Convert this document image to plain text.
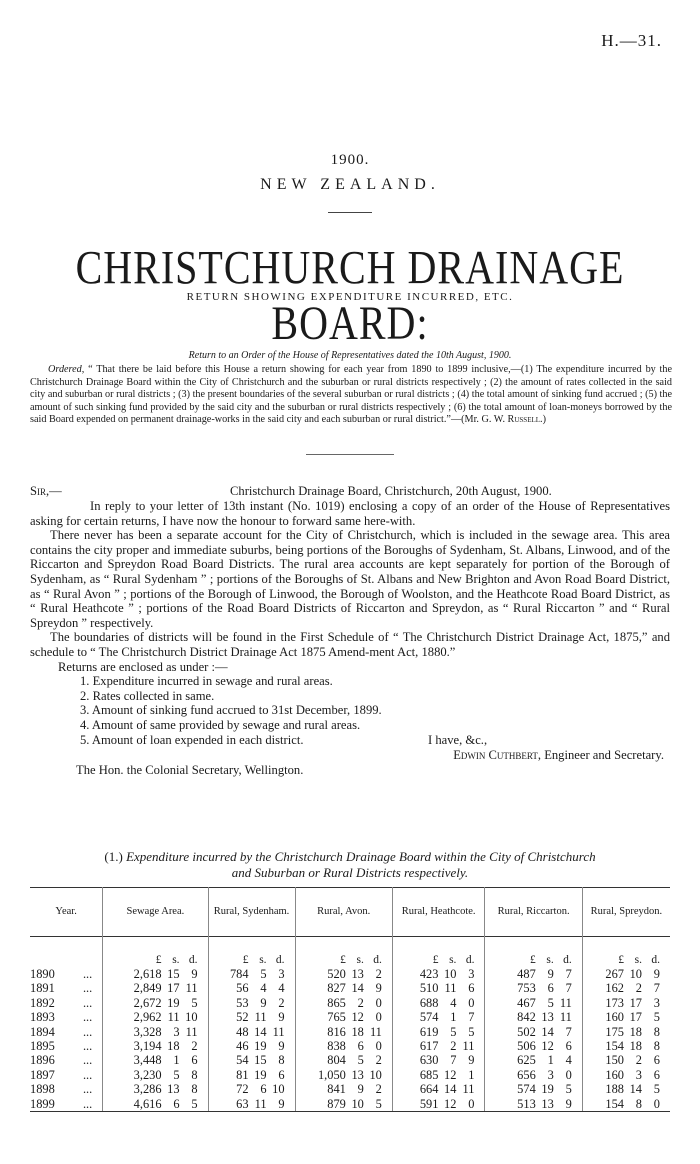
H.—31.
1900.
NEW ZEALAND.
CHRISTCHURCH DRAINAGE BOARD:
RETURN SHOWING EXPENDITURE INCURRED, ETC.
Return to an Order of the House of Representatives dated the 10th August, 1900.

Ordered, “ That there be laid before this House a return showing for each year from 1890 to 1899 inclusive,—(1) The expenditure incurred by the Christchurch Drainage Board within the City of Christchurch and the suburban or rural districts respectively ; (2) the amount of rates collected in the said city and suburban or rural districts ; (3) the present boundaries of the several suburban or rural districts ; (4) the total amount of sinking fund accrued ; (5) the amount of such sinking fund provided by the said city and the suburban or rural districts respectively ; (6) the total amount of loan-moneys borrowed by the said Board expended on permanent drainage-works in the said city and each suburban or rural district.”—(Mr. G. W. Russell.)

Sir,—	Christchurch Drainage Board, Christchurch, 20th August, 1900.

In reply to your letter of 13th instant (No. 1019) enclosing a copy of an order of the House of Representatives asking for certain returns, I have now the honour to forward same here-with.

There never has been a separate account for the City of Christchurch, which is included in the sewage area. This area contains the city proper and immediate suburbs, being portions of the Boroughs of Sydenham, St. Albans, Linwood, and of the Riccarton and Spreydon Road Board Districts. The rural area accounts are kept separately for portion of the Borough of Sydenham, as “ Rural Sydenham ” ; portions of the Boroughs of St. Albans and New Brighton and Avon Road Board District, as “ Rural Avon ” ; portions of the Borough of Linwood, the Borough of Woolston, and the Heathcote Road Board District, as “ Rural Heathcote ” ; portions of the Road Board Districts of Riccarton and Spreydon, as “ Rural Riccarton ” and “ Rural Spreydon ” respectively.

The boundaries of districts will be found in the First Schedule of “ The Christchurch District Drainage Act, 1875,” and schedule to “ The Christchurch District Drainage Act 1875 Amend-ment Act, 1880.”

Returns are enclosed as under :—

1. Expenditure incurred in sewage and rural areas.

2. Rates collected in same.

3. Amount of sinking fund accrued to 31st December, 1899.

4. Amount of same provided by sewage and rural areas.

5. Amount of loan expended in each district.	I have, &c.,
Edwin Cuthbert, Engineer and Secretary.
The Hon. the Colonial Secretary, Wellington.
(1.) Expenditure incurred by the Christchurch Drainage Board within the City of Christchurch
and Suburban or Rural Districts respectively.
Year.	Sewage Area.	Rural, Sydenham.	Rural, Avon.	Rural, Heathcote.	Rural, Riccarton.	Rural, Spreydon.

	£ s. d.	£ s. d.	£ s. d.	£ s. d.	£ s. d.	£ s. d.

1890 ...	2,618 15 9	784 5 3	520 13 2	423 10 3	487 9 7	267 10 9

1891 ...	2,849 17 11	56 4 4	827 14 9	510 11 6	753 6 7	162 2 7

1892 ...	2,672 19 5	53 9 2	865 2 0	688 4 0	467 5 11	173 17 3

1893 ...	2,962 11 10	52 11 9	765 12 0	574 1 7	842 13 11	160 17 5

1894 ...	3,328 3 11	48 14 11	816 18 11	619 5 5	502 14 7	175 18 8

1895 ...	3,194 18 2	46 19 9	838 6 0	617 2 11	506 12 6	154 18 8

1896 ...	3,448 1 6	54 15 8	804 5 2	630 7 9	625 1 4	150 2 6

1897 ...	3,230 5 8	81 19 6	1,050 13 10	685 12 1	656 3 0	160 3 6

1898 ...	3,286 13 8	72 6 10	841 9 2	664 14 11	574 19 5	188 14 5

1899 ...	4,616 6 5	63 11 9	879 10 5	591 12 0	513 13 9	154 8 0
